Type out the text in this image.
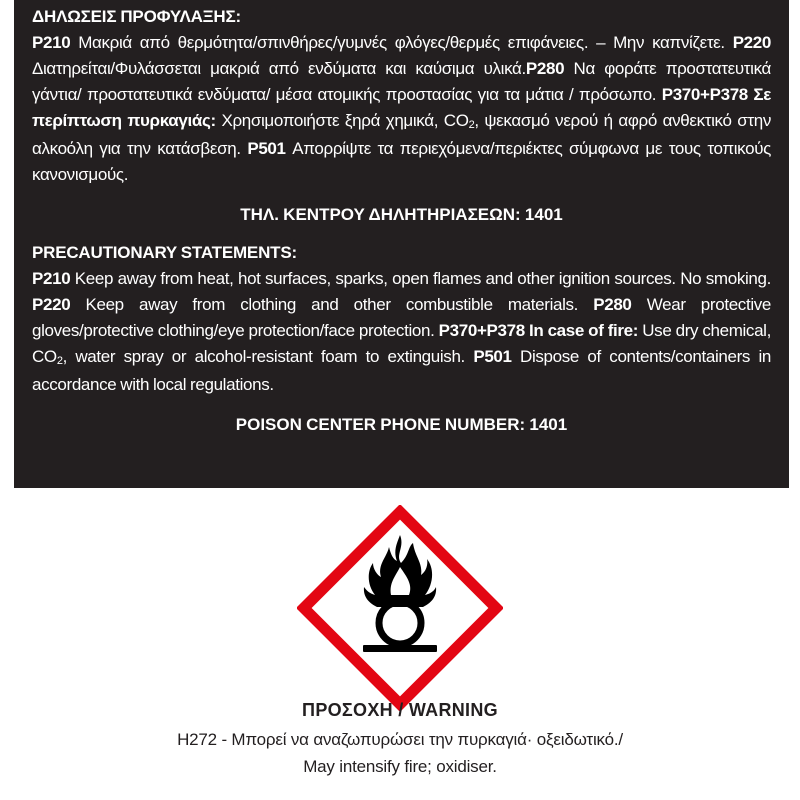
ΔΗΛΩΣΕΙΣ ΠΡΟΦΥΛΑΞΗΣ:

P210 Μακριά από θερμότητα/σπινθήρες/γυμνές φλόγες/θερμές επιφάνειες. – Μην καπνίζετε. P220 Διατηρείται/Φυλάσσεται μακριά από ενδύματα και καύσιμα υλικά.P280 Να φοράτε προστατευτικά γάντια/ προστατευτικά ενδύματα/ μέσα ατομικής προστασίας για τα μάτια / πρόσωπο. P370+P378 Σε περίπτωση πυρκαγιάς: Χρησιμοποιήστε ξηρά χημικά, $CO_2$, ψεκασμό νερού ή αφρό ανθεκτικό στην αλκοόλη για την κατάσβεση. P501 Απορρίψτε τα περιεχόμενα/περιέκτες σύμφωνα με τους τοπικούς κανονισμούς.

ΤΗΛ. ΚΕΝΤΡΟΥ ΔΗΛΗΤΗΡΙΑΣΕΩΝ: 1401
PRECAUTIONARY STATEMENTS:

P210 Keep away from heat, hot surfaces, sparks, open flames and other ignition sources. No smoking. P220 Keep away from clothing and other combustible materials. P280 Wear protective gloves/protective clothing/eye protection/face protection. P370+P378 In case of fire: Use dry chemical, $CO_2$, water spray or alcohol-resistant foam to extinguish. P501 Dispose of contents/containers in accordance with local regulations.

POISON CENTER PHONE NUMBER: 1401
ΠΡΟΣΟΧΗ / WARNING
H272 - Μπορεί να αναζωπυρώσει την πυρκαγιά· οξειδωτικό./
May intensify fire; oxidiser.
